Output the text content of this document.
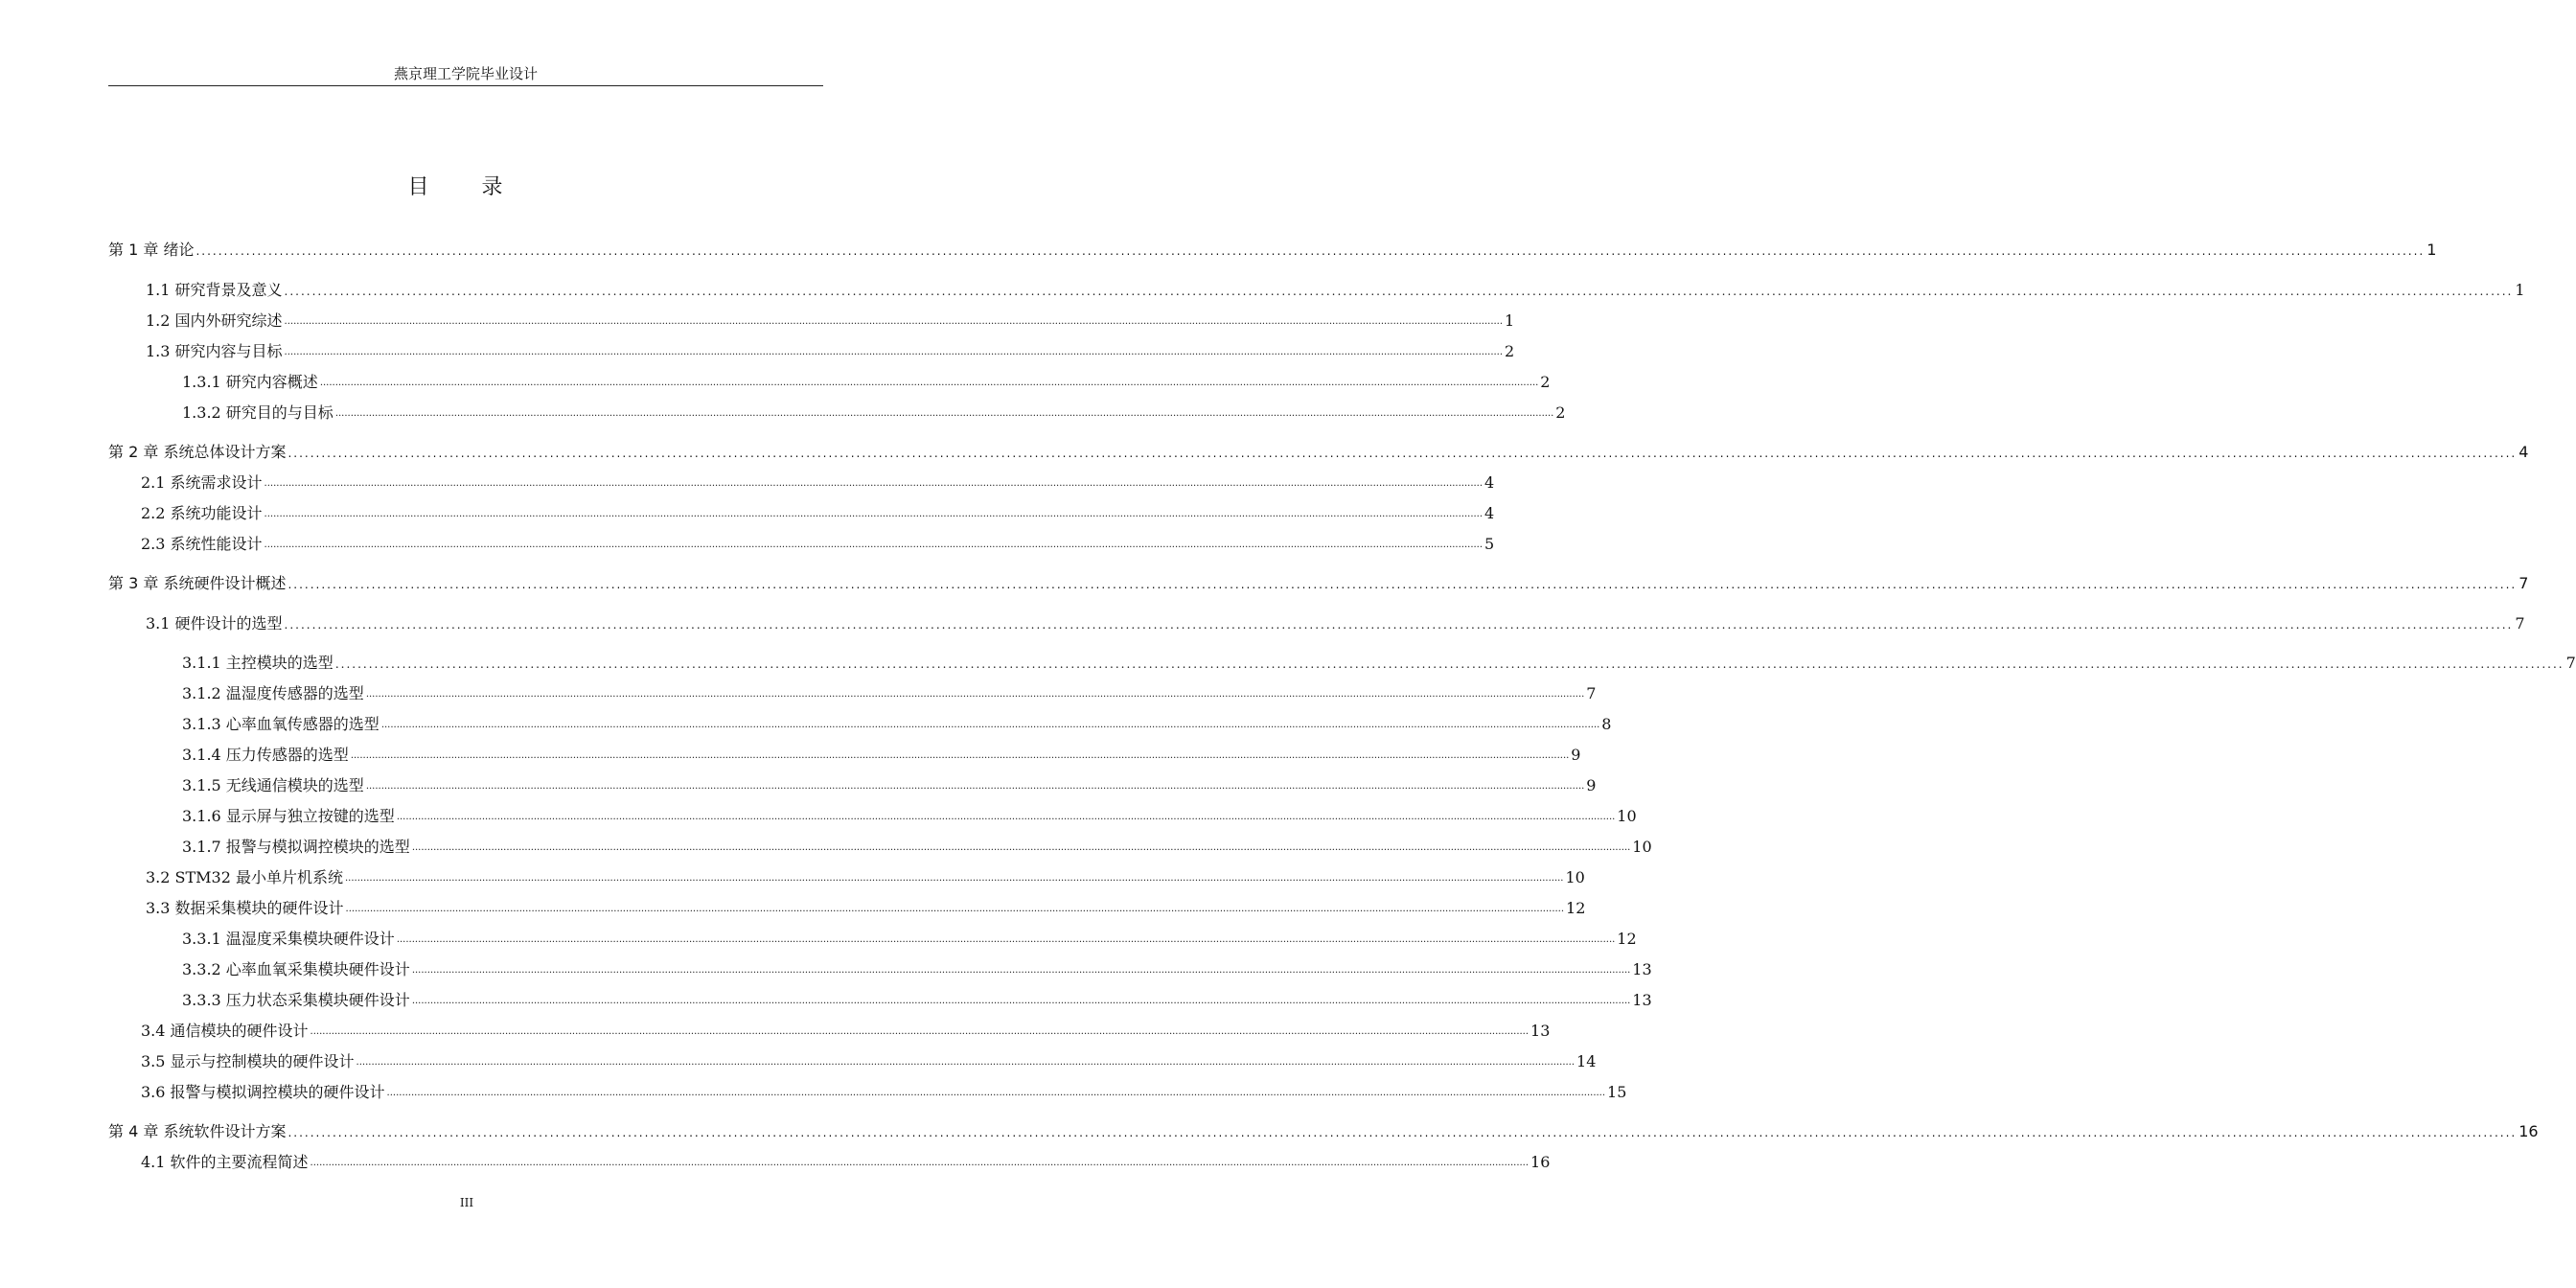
燕京理工学院毕业设计
目 录
第 1 章 绪论 ................................................................................................................................................................................................................................................................................................................................................................................................................ 1
1.1 研究背景及意义 ................................................................................................................................................................................................................................................................................................................................................................................................................ 1
1.2 国内外研究综述 ................................................................................................................................................................................................................................................................................................................................................................................................................ 1
1.3 研究内容与目标 ................................................................................................................................................................................................................................................................................................................................................................................................................ 2
1.3.1 研究内容概述 ................................................................................................................................................................................................................................................................................................................................................................................................................ 2
1.3.2 研究目的与目标 ................................................................................................................................................................................................................................................................................................................................................................................................................ 2
第 2 章 系统总体设计方案 ................................................................................................................................................................................................................................................................................................................................................................................................................ 4
2.1 系统需求设计 ................................................................................................................................................................................................................................................................................................................................................................................................................ 4
2.2 系统功能设计 ................................................................................................................................................................................................................................................................................................................................................................................................................ 4
2.3 系统性能设计 ................................................................................................................................................................................................................................................................................................................................................................................................................ 5
第 3 章 系统硬件设计概述 ................................................................................................................................................................................................................................................................................................................................................................................................................ 7
3.1 硬件设计的选型 ................................................................................................................................................................................................................................................................................................................................................................................................................ 7
3.1.1 主控模块的选型 ................................................................................................................................................................................................................................................................................................................................................................................................................ 7
3.1.2 温湿度传感器的选型 ................................................................................................................................................................................................................................................................................................................................................................................................................ 7
3.1.3 心率血氧传感器的选型 ................................................................................................................................................................................................................................................................................................................................................................................................................ 8
3.1.4 压力传感器的选型 ................................................................................................................................................................................................................................................................................................................................................................................................................ 9
3.1.5 无线通信模块的选型 ................................................................................................................................................................................................................................................................................................................................................................................................................ 9
3.1.6 显示屏与独立按键的选型 ................................................................................................................................................................................................................................................................................................................................................................................................................ 10
3.1.7 报警与模拟调控模块的选型 ................................................................................................................................................................................................................................................................................................................................................................................................................ 10
3.2 STM32 最小单片机系统 ................................................................................................................................................................................................................................................................................................................................................................................................................ 10
3.3 数据采集模块的硬件设计 ................................................................................................................................................................................................................................................................................................................................................................................................................ 12
3.3.1 温湿度采集模块硬件设计 ................................................................................................................................................................................................................................................................................................................................................................................................................ 12
3.3.2 心率血氧采集模块硬件设计 ................................................................................................................................................................................................................................................................................................................................................................................................................ 13
3.3.3 压力状态采集模块硬件设计 ................................................................................................................................................................................................................................................................................................................................................................................................................ 13
3.4 通信模块的硬件设计 ................................................................................................................................................................................................................................................................................................................................................................................................................ 13
3.5 显示与控制模块的硬件设计 ................................................................................................................................................................................................................................................................................................................................................................................................................ 14
3.6 报警与模拟调控模块的硬件设计 ................................................................................................................................................................................................................................................................................................................................................................................................................ 15
第 4 章 系统软件设计方案 ................................................................................................................................................................................................................................................................................................................................................................................................................ 16
4.1 软件的主要流程简述 ................................................................................................................................................................................................................................................................................................................................................................................................................ 16
III
